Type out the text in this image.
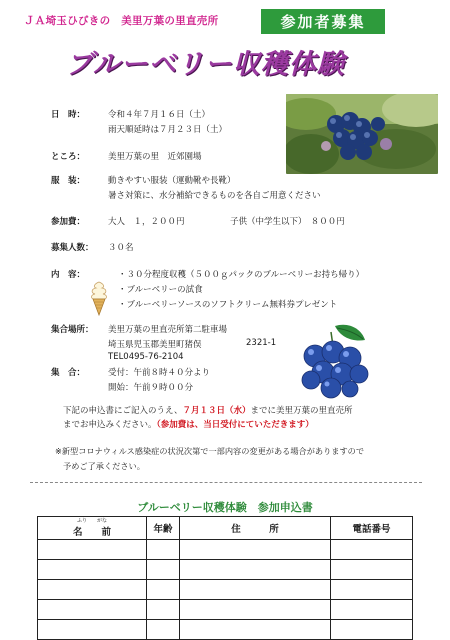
ＪＡ埼玉ひびきの　美里万葉の里直売所	参加者募集
ブルーベリー収穫体験
日　時：	令和４年７月１６日（土）
雨天順延時は７月２３日（土）
ところ：	美里万葉の里　近郊園場
服　装：	動きやすい服装（運動靴や長靴）
暑さ対策に、水分補給できるものを各自ご用意ください
参加費：	大人　１，２００円	子供（中学生以下）　８００円
募集人数： ３０名
内　容：	・３０分程度収穫（５００ｇパックのブルーベリーお持ち帰り）
・ブルーベリーの試食
・ブルーベリーソースのソフトクリーム無料券プレゼント
集合場所： 美里万葉の里直売所第二駐車場
埼玉県児玉郡美里町猪俣	2321-1
TEL0495-76-2104
集　合：	受付：午前８時４０分より
開始：午前９時００分
下記の申込書にご記入のうえ、７月１３日（水）までに美里万葉の里直売所
までお申込みください。（参加費は、当日受付にていただきます）
※新型コロナウィルス感染症の状況次第で一部内容の変更がある場合がありますので
予めご了承ください。
ブルーベリー収穫体験　参加申込書
ふり　　 がな
名　　前	年齢	住　　　所	電話番号
